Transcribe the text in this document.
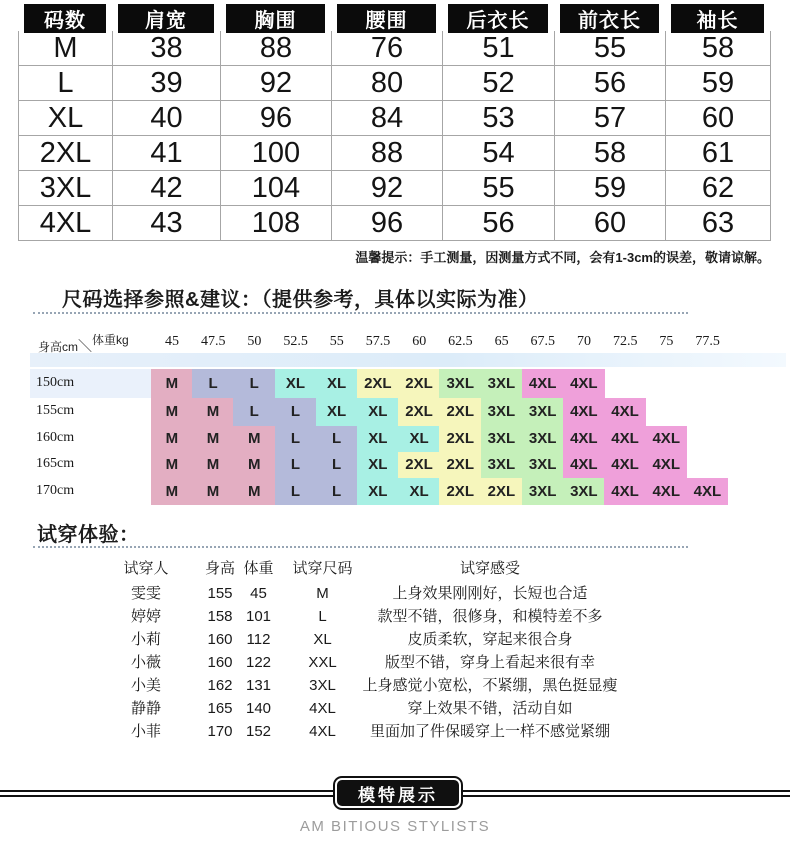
码数	肩宽	胸围	腰围	后衣长	前衣长	袖长
M	38	88	76	51	55	58
L	39	92	80	52	56	59
XL	40	96	84	53	57	60
2XL	41	100	88	54	58	61
3XL	42	104	92	55	59	62
4XL	43	108	96	56	60	63
温馨提示：手工测量，因测量方式不同，会有1-3cm的误差，敬请谅解。
尺码选择参照&建议：（提供参考，具体以实际为准）
身高cm＼体重kg	45	47.5	50	52.5	55	57.5	60	62.5	65	67.5	70	72.5	75	77.5
150cm	M	L	L	XL	XL	2XL 2XL 3XL 3XL 4XL 4XL
155cm	M	M	L	L	XL	XL	2XL 2XL 3XL 3XL 4XL 4XL
160cm	M	M	M	L	L	XL	XL	2XL 3XL 3XL 4XL 4XL 4XL
165cm	M	M	M	L	L	XL	2XL 2XL 3XL 3XL 4XL 4XL 4XL
170cm	M	M	M	L	L	XL	XL	2XL 2XL 3XL 3XL 4XL 4XL 4XL
试穿体验：
试穿人	身高 体重	试穿尺码	试穿感受
雯雯	155	45	M	上身效果刚刚好，长短也合适
婷婷	158 101	L	款型不错，很修身，和模特差不多
小莉	160 112	XL	皮质柔软，穿起来很合身
小薇	160 122	XXL	版型不错，穿身上看起来很有幸
小美	162 131	3XL	上身感觉小宽松，不紧绷，黑色挺显瘦
静静	165 140	4XL	穿上效果不错，活动自如
小菲	170 152	4XL	里面加了件保暖穿上一样不感觉紧绷
模特展示
AM BITIOUS STYLISTS
